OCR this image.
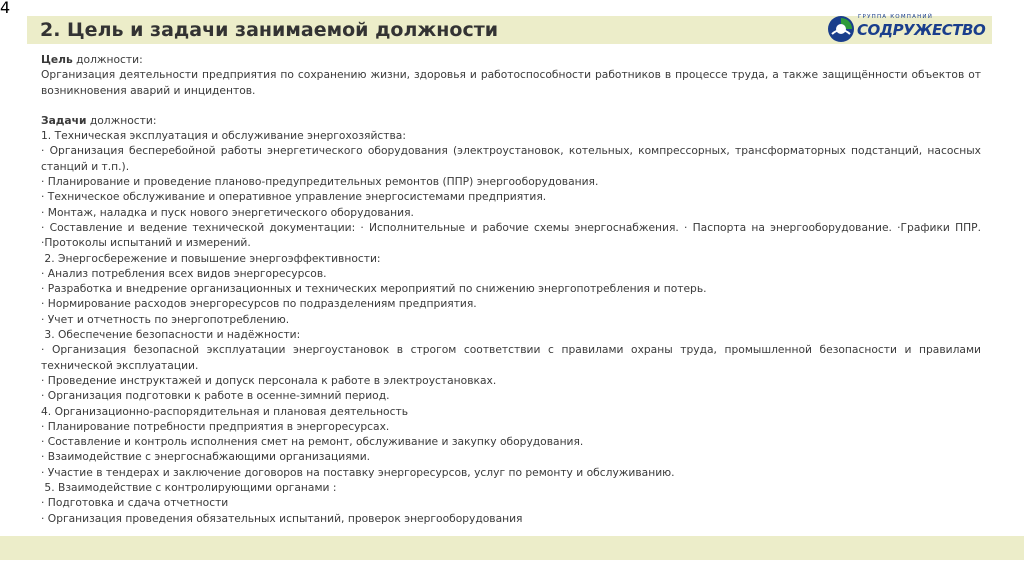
4
2. Цель и задачи занимаемой должности
ГРУППА КОМПАНИЙ
СОДРУЖЕСТВО

Цель должности:

Организация деятельности предприятия по сохранению жизни, здоровья и работоспособности работников в процессе труда, а также защищённости объектов от возникновения аварий и инцидентов.

Задачи должности:

1. Техническая эксплуатация и обслуживание энергохозяйства:

· Организация бесперебойной работы энергетического оборудования (электроустановок, котельных, компрессорных, трансформаторных подстанций, насосных станций и т.п.).

· Планирование и проведение планово-предупредительных ремонтов (ППР) энергооборудования.

· Техническое обслуживание и оперативное управление энергосистемами предприятия.

· Монтаж, наладка и пуск нового энергетического оборудования.

· Составление и ведение технической документации: · Исполнительные и рабочие схемы энергоснабжения. · Паспорта на энергооборудование. ·Графики ППР. ·Протоколы испытаний и измерений.

2. Энергосбережение и повышение энергоэффективности:

· Анализ потребления всех видов энергоресурсов.

· Разработка и внедрение организационных и технических мероприятий по снижению энергопотребления и потерь.

· Нормирование расходов энергоресурсов по подразделениям предприятия.

· Учет и отчетность по энергопотреблению.

3. Обеспечение безопасности и надёжности:

· Организация безопасной эксплуатации энергоустановок в строгом соответствии с правилами охраны труда, промышленной безопасности и правилами технической эксплуатации.

· Проведение инструктажей и допуск персонала к работе в электроустановках.

· Организация подготовки к работе в осенне-зимний период.

4. Организационно-распорядительная и плановая деятельность

· Планирование потребности предприятия в энергоресурсах.

· Составление и контроль исполнения смет на ремонт, обслуживание и закупку оборудования.

· Взаимодействие с энергоснабжающими организациями.

· Участие в тендерах и заключение договоров на поставку энергоресурсов, услуг по ремонту и обслуживанию.

5. Взаимодействие с контролирующими органами :

· Подготовка и сдача отчетности

· Организация проведения обязательных испытаний, проверок энергооборудования
